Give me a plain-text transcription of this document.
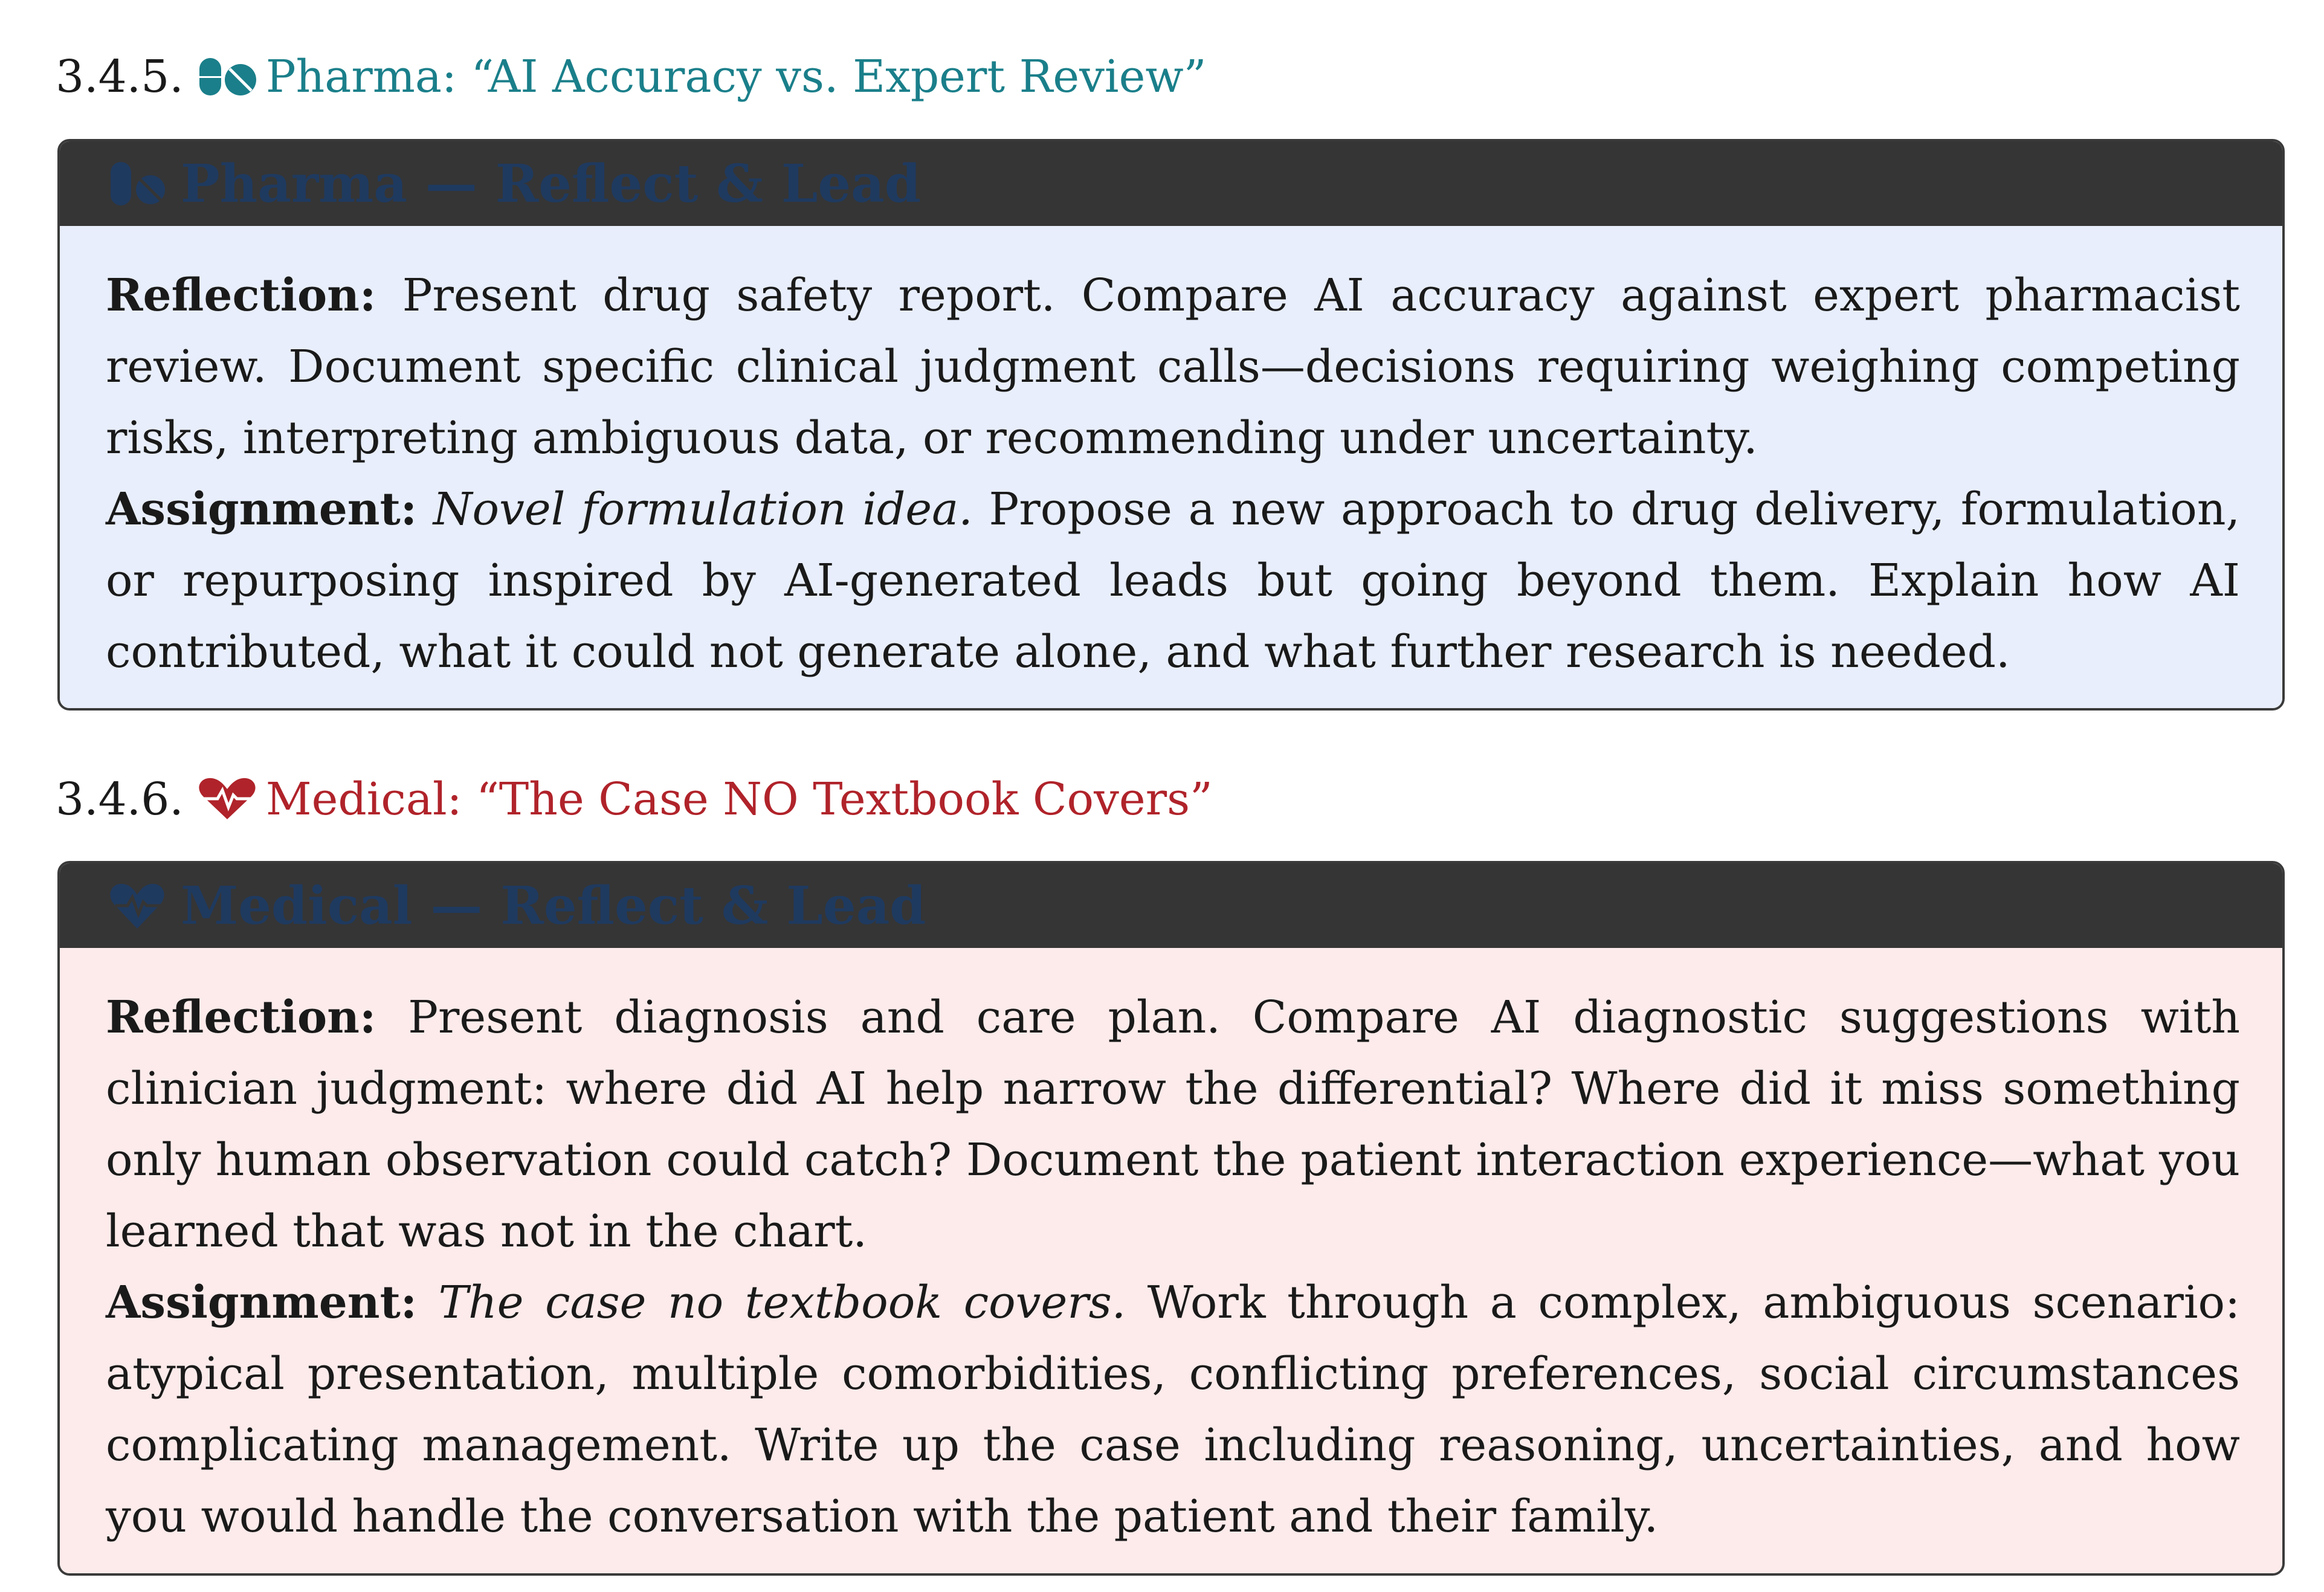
3.4.5. Pharma: “AI Accuracy vs. Expert Review”
Pharma — Reflect & Lead

Reflection: Present drug safety report. Compare AI accuracy against expert pharmacist review. Document specific clinical judgment calls—decisions requiring weighing competing risks, interpreting ambiguous data, or recommending under uncertainty.

Assignment: Novel formulation idea. Propose a new approach to drug delivery, formulation, or repurposing inspired by AI-generated leads but going beyond them. Explain how AI contributed, what it could not generate alone, and what further research is needed.

3.4.6. Medical: “The Case NO Textbook Covers”
Medical — Reflect & Lead

Reflection: Present diagnosis and care plan. Compare AI diagnostic suggestions with clinician judgment: where did AI help narrow the differential? Where did it miss something only human observation could catch? Document the patient interaction experience—what you learned that was not in the chart.

Assignment: The case no textbook covers. Work through a complex, ambiguous scenario: atypical presentation, multiple comorbidities, conflicting preferences, social circumstances complicating management. Write up the case including reasoning, uncertainties, and how you would handle the conversation with the patient and their family.
